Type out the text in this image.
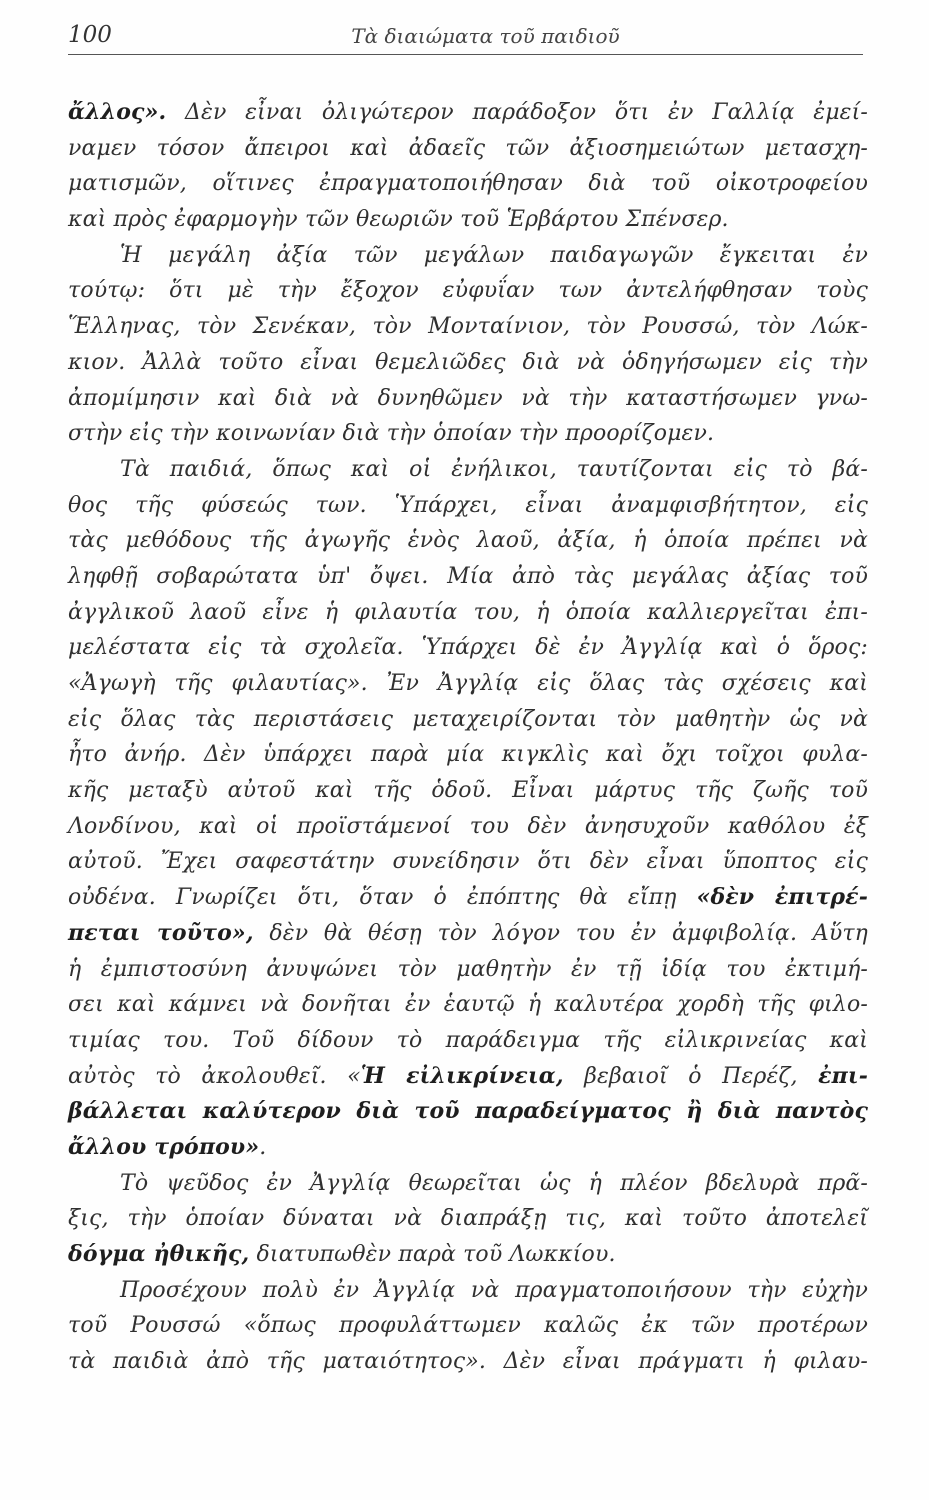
100	Τὰ διαιώματα τοῦ παιδιοῦ
ἄλλος». Δὲν εἶναι ὀλιγώτερον παράδοξον ὅτι ἐν Γαλλίᾳ ἐμεί-
ναμεν τόσον ἄπειροι καὶ ἀδαεῖς τῶν ἀξιοσημειώτων μετασχη-
ματισμῶν, οἵτινες ἐπραγματοποιήθησαν διὰ τοῦ οἰκοτροφείου
καὶ πρὸς ἐφαρμογὴν τῶν θεωριῶν τοῦ Ἑρβάρτου Σπένσερ.
Ἡ μεγάλη ἀξία τῶν μεγάλων παιδαγωγῶν ἔγκειται ἐν
τούτῳ: ὅτι μὲ τὴν ἔξοχον εὐφυΐαν των ἀντελήφθησαν τοὺς
Ἕλληνας, τὸν Σενέκαν, τὸν Μονταίνιον, τὸν Ρουσσώ, τὸν Λώκ-
κιον. Ἀλλὰ τοῦτο εἶναι θεμελιῶδες διὰ νὰ ὁδηγήσωμεν εἰς τὴν
ἀπομίμησιν καὶ διὰ νὰ δυνηθῶμεν νὰ τὴν καταστήσωμεν γνω-
στὴν εἰς τὴν κοινωνίαν διὰ τὴν ὁποίαν τὴν προορίζομεν.
Τὰ παιδιά, ὅπως καὶ οἱ ἐνήλικοι, ταυτίζονται εἰς τὸ βά-
θος τῆς φύσεώς των. Ὑπάρχει, εἶναι ἀναμφισβήτητον, εἰς
τὰς μεθόδους τῆς ἀγωγῆς ἑνὸς λαοῦ, ἀξία, ἡ ὁποία πρέπει νὰ
ληφθῇ σοβαρώτατα ὑπ' ὄψει. Μία ἀπὸ τὰς μεγάλας ἀξίας τοῦ
ἀγγλικοῦ λαοῦ εἶνε ἡ φιλαυτία του, ἡ ὁποία καλλιεργεῖται ἐπι-
μελέστατα εἰς τὰ σχολεῖα. Ὑπάρχει δὲ ἐν Ἀγγλίᾳ καὶ ὁ ὅρος:
«Ἀγωγὴ τῆς φιλαυτίας». Ἐν Ἀγγλίᾳ εἰς ὅλας τὰς σχέσεις καὶ
εἰς ὅλας τὰς περιστάσεις μεταχειρίζονται τὸν μαθητὴν ὡς νὰ
ἦτο ἀνήρ. Δὲν ὑπάρχει παρὰ μία κιγκλὶς καὶ ὄχι τοῖχοι φυλα-
κῆς μεταξὺ αὐτοῦ καὶ τῆς ὁδοῦ. Εἶναι μάρτυς τῆς ζωῆς τοῦ
Λονδίνου, καὶ οἱ προϊστάμενοί του δὲν ἀνησυχοῦν καθόλου ἐξ
αὐτοῦ. Ἔχει σαφεστάτην συνείδησιν ὅτι δὲν εἶναι ὕποπτος εἰς
οὐδένα. Γνωρίζει ὅτι, ὅταν ὁ ἐπόπτης θὰ εἴπῃ «δὲν ἐπιτρέ-
πεται τοῦτο», δὲν θὰ θέσῃ τὸν λόγον του ἐν ἀμφιβολίᾳ. Αὕτη
ἡ ἐμπιστοσύνη ἀνυψώνει τὸν μαθητὴν ἐν τῇ ἰδίᾳ του ἐκτιμή-
σει καὶ κάμνει νὰ δονῆται ἐν ἑαυτῷ ἡ καλυτέρα χορδὴ τῆς φιλο-
τιμίας του. Τοῦ δίδουν τὸ παράδειγμα τῆς εἰλικρινείας καὶ
αὐτὸς τὸ ἀκολουθεῖ. «Ἡ εἰλικρίνεια, βεβαιοῖ ὁ Περέζ, ἐπι-
βάλλεται καλύτερον διὰ τοῦ παραδείγματος ἢ διὰ παντὸς
ἄλλου τρόπου».
Τὸ ψεῦδος ἐν Ἀγγλίᾳ θεωρεῖται ὡς ἡ πλέον βδελυρὰ πρᾶ-
ξις, τὴν ὁποίαν δύναται νὰ διαπράξῃ τις, καὶ τοῦτο ἀποτελεῖ
δόγμα ἠθικῆς, διατυπωθὲν παρὰ τοῦ Λωκκίου.
Προσέχουν πολὺ ἐν Ἀγγλίᾳ νὰ πραγματοποιήσουν τὴν εὐχὴν
τοῦ Ρουσσώ «ὅπως προφυλάττωμεν καλῶς ἐκ τῶν προτέρων
τὰ παιδιὰ ἀπὸ τῆς ματαιότητος». Δὲν εἶναι πράγματι ἡ φιλαυ-
